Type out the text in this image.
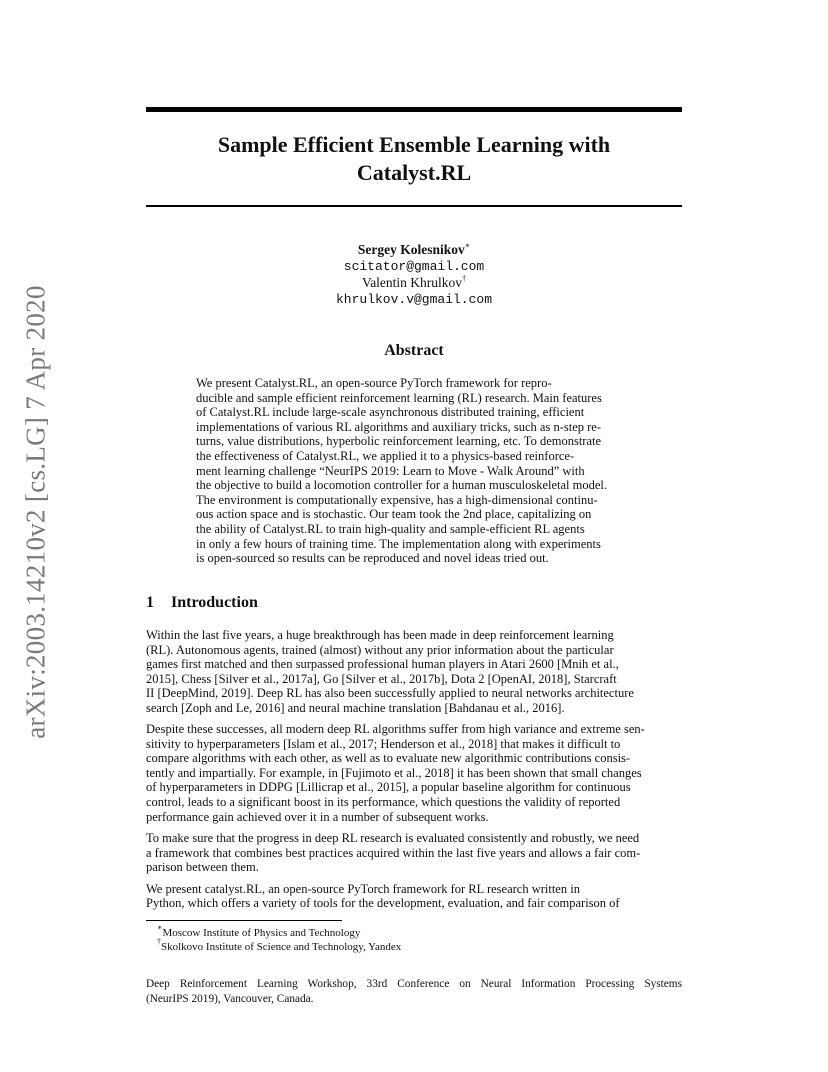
arXiv:2003.14210v2 [cs.LG] 7 Apr 2020
Sample Efficient Ensemble Learning with
Catalyst.RL
Sergey Kolesnikov∗
scitator@gmail.com
Valentin Khrulkov†
khrulkov.v@gmail.com
Abstract
We present Catalyst.RL, an open-source PyTorch framework for repro-
ducible and sample efficient reinforcement learning (RL) research. Main features
of Catalyst.RL include large-scale asynchronous distributed training, efficient
implementations of various RL algorithms and auxiliary tricks, such as n-step re-
turns, value distributions, hyperbolic reinforcement learning, etc. To demonstrate
the effectiveness of Catalyst.RL, we applied it to a physics-based reinforce-
ment learning challenge “NeurIPS 2019: Learn to Move - Walk Around” with
the objective to build a locomotion controller for a human musculoskeletal model.
The environment is computationally expensive, has a high-dimensional continu-
ous action space and is stochastic. Our team took the 2nd place, capitalizing on
the ability of Catalyst.RL to train high-quality and sample-efficient RL agents
in only a few hours of training time. The implementation along with experiments
is open-sourced so results can be reproduced and novel ideas tried out.
1 Introduction
Within the last five years, a huge breakthrough has been made in deep reinforcement learning
(RL). Autonomous agents, trained (almost) without any prior information about the particular
games first matched and then surpassed professional human players in Atari 2600 [Mnih et al.,
2015], Chess [Silver et al., 2017a], Go [Silver et al., 2017b], Dota 2 [OpenAI, 2018], Starcraft
II [DeepMind, 2019]. Deep RL has also been successfully applied to neural networks architecture
search [Zoph and Le, 2016] and neural machine translation [Bahdanau et al., 2016].
Despite these successes, all modern deep RL algorithms suffer from high variance and extreme sen-
sitivity to hyperparameters [Islam et al., 2017; Henderson et al., 2018] that makes it difficult to
compare algorithms with each other, as well as to evaluate new algorithmic contributions consis-
tently and impartially. For example, in [Fujimoto et al., 2018] it has been shown that small changes
of hyperparameters in DDPG [Lillicrap et al., 2015], a popular baseline algorithm for continuous
control, leads to a significant boost in its performance, which questions the validity of reported
performance gain achieved over it in a number of subsequent works.
To make sure that the progress in deep RL research is evaluated consistently and robustly, we need
a framework that combines best practices acquired within the last five years and allows a fair com-
parison between them.
We present catalyst.RL, an open-source PyTorch framework for RL research written in
Python, which offers a variety of tools for the development, evaluation, and fair comparison of
∗Moscow Institute of Physics and Technology
†Skolkovo Institute of Science and Technology, Yandex
Deep Reinforcement Learning Workshop, 33rd Conference on Neural Information Processing Systems
(NeurIPS 2019), Vancouver, Canada.
